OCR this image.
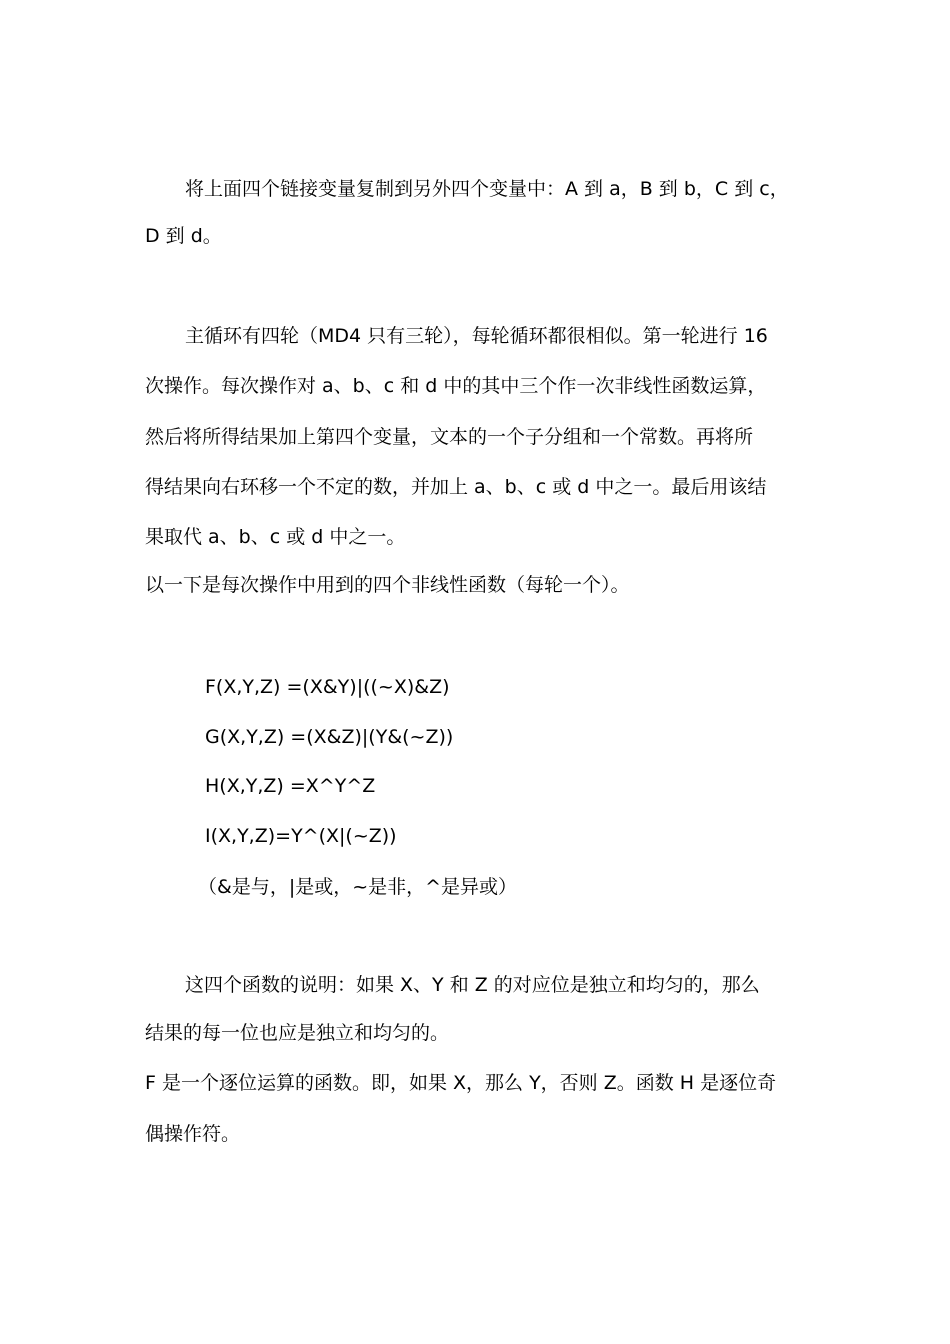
将上面四个链接变量复制到另外四个变量中：A 到 a，B 到 b，C 到 c，
D 到 d。
主循环有四轮（MD4 只有三轮），每轮循环都很相似。第一轮进行 16
次操作。每次操作对 a、b、c 和 d 中的其中三个作一次非线性函数运算，
然后将所得结果加上第四个变量，文本的一个子分组和一个常数。再将所
得结果向右环移一个不定的数，并加上 a、b、c 或 d 中之一。最后用该结
果取代 a、b、c 或 d 中之一。
以一下是每次操作中用到的四个非线性函数（每轮一个）。
F(X,Y,Z) =(X&Y)|((~X)&Z)
G(X,Y,Z) =(X&Z)|(Y&(~Z))
H(X,Y,Z) =X^Y^Z
I(X,Y,Z)=Y^(X|(~Z))
（&是与，|是或，~是非，^是异或）
这四个函数的说明：如果 X、Y 和 Z 的对应位是独立和均匀的，那么
结果的每一位也应是独立和均匀的。
F 是一个逐位运算的函数。即，如果 X，那么 Y，否则 Z。函数 H 是逐位奇
偶操作符。
